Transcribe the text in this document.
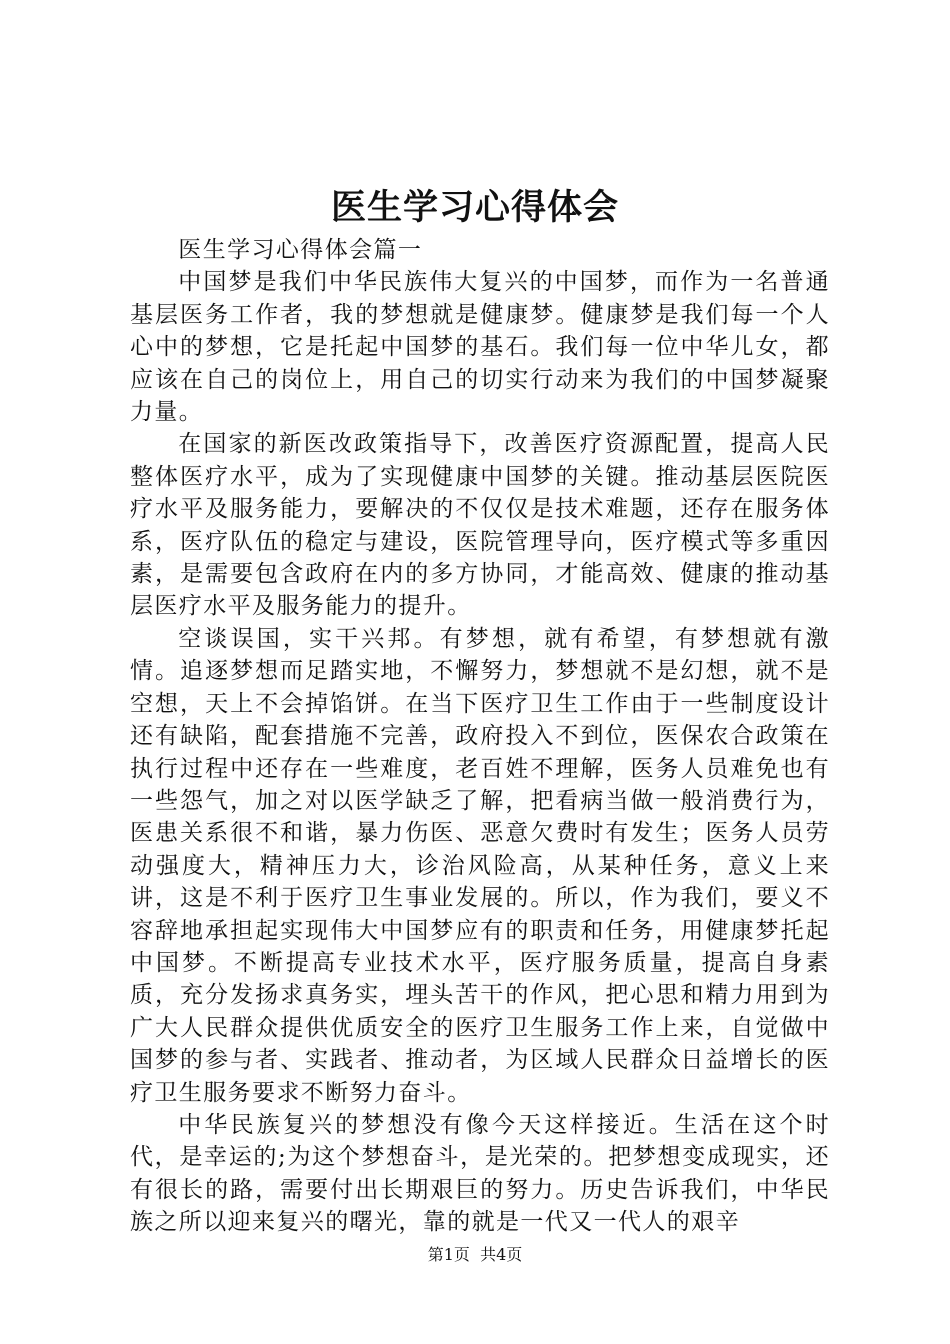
医生学习心得体会

医生学习心得体会篇一

中国梦是我们中华民族伟大复兴的中国梦，而作为一名普通基层医务工作者，我的梦想就是健康梦。健康梦是我们每一个人心中的梦想，它是托起中国梦的基石。我们每一位中华儿女，都应该在自己的岗位上，用自己的切实行动来为我们的中国梦凝聚力量。

在国家的新医改政策指导下，改善医疗资源配置，提高人民整体医疗水平，成为了实现健康中国梦的关键。推动基层医院医疗水平及服务能力，要解决的不仅仅是技术难题，还存在服务体系，医疗队伍的稳定与建设，医院管理导向，医疗模式等多重因素，是需要包含政府在内的多方协同，才能高效、健康的推动基层医疗水平及服务能力的提升。

空谈误国，实干兴邦。有梦想，就有希望，有梦想就有激情。追逐梦想而足踏实地，不懈努力，梦想就不是幻想，就不是空想，天上不会掉馅饼。在当下医疗卫生工作由于一些制度设计还有缺陷，配套措施不完善，政府投入不到位，医保农合政策在执行过程中还存在一些难度，老百姓不理解，医务人员难免也有一些怨气，加之对以医学缺乏了解，把看病当做一般消费行为，医患关系很不和谐，暴力伤医、恶意欠费时有发生；医务人员劳动强度大，精神压力大，诊治风险高，从某种任务，意义上来讲，这是不利于医疗卫生事业发展的。所以，作为我们，要义不容辞地承担起实现伟大中国梦应有的职责和任务，用健康梦托起中国梦。不断提高专业技术水平，医疗服务质量，提高自身素质，充分发扬求真务实，埋头苦干的作风，把心思和精力用到为广大人民群众提供优质安全的医疗卫生服务工作上来，自觉做中国梦的参与者、实践者、推动者，为区域人民群众日益增长的医疗卫生服务要求不断努力奋斗。

中华民族复兴的梦想没有像今天这样接近。生活在这个时代，是幸运的;为这个梦想奋斗，是光荣的。把梦想变成现实，还有很长的路，需要付出长期艰巨的努力。历史告诉我们，中华民族之所以迎来复兴的曙光，靠的就是一代又一代人的艰辛

第1页  共4页
